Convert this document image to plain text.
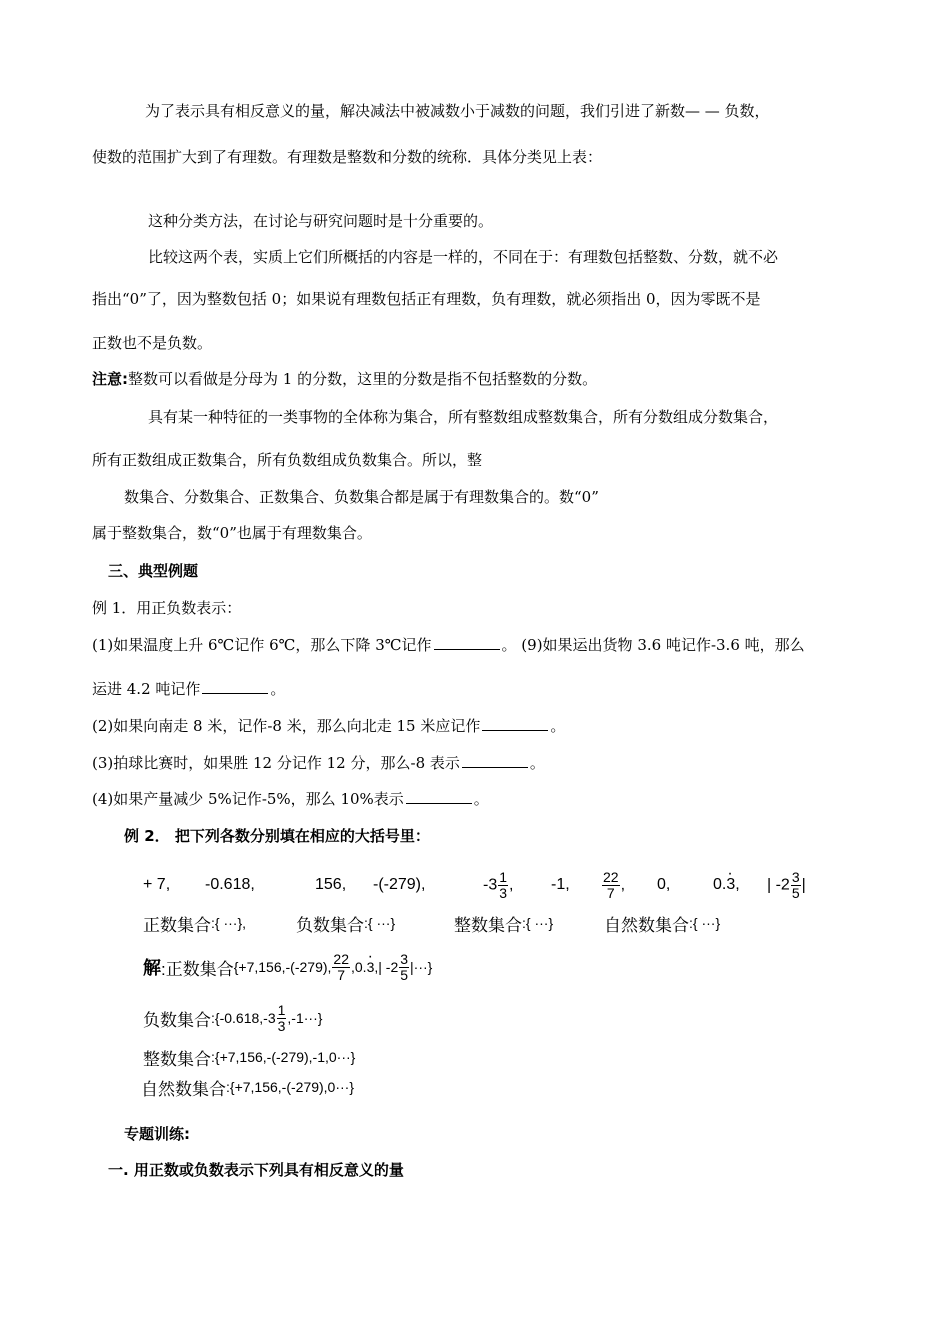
为了表示具有相反意义的量，解决减法中被减数小于减数的问题，我们引进了新数— — 负数，
使数的范围扩大到了有理数。有理数是整数和分数的统称．具体分类见上表：
这种分类方法，在讨论与研究问题时是十分重要的。
比较这两个表，实质上它们所概括的内容是一样的，不同在于：有理数包括整数、分数，就不必
指出“0”了，因为整数包括 0；如果说有理数包括正有理数，负有理数，就必须指出 0，因为零既不是
正数也不是负数。
注意:整数可以看做是分母为 1 的分数，这里的分数是指不包括整数的分数。
具有某一种特征的一类事物的全体称为集合，所有整数组成整数集合，所有分数组成分数集合，
所有正数组成正数集合，所有负数组成负数集合。所以，整
数集合、分数集合、正数集合、负数集合都是属于有理数集合的。数“0”
属于整数集合，数“0”也属于有理数集合。
三、典型例题
例 1．用正负数表示：
(1)如果温度上升 6℃记作 6℃，那么下降 3℃记作	。 (9)如果运出货物 3.6 吨记作-3.6 吨，那么
运进 4.2 吨记作	。
(2)如果向南走 8 米，记作-8 米，那么向北走 15 米应记作	。
(3)拍球比赛时，如果胜 12 分记作 12 分，那么-8 表示	。
(4)如果产量减少 5%记作-5%，那么 10%表示	。
例 2． 把下列各数分别填在相应的大括号里：
+ 7,	-0.618,	156,	-(-279),	$-3 \frac{1}{3}$ ,	-1,	$\frac{22}{7}$ ,	0,	0.· 3,	| $-2 \frac{3}{5}$ |
正数集合 :{ ···},	负数集合 :{ ···}	整数集合 :{ ···}	自然数集合 :{ ···}
解 :正数集合 {+7,156,-(-279), $\frac{22}{7} ,0$.
· 3 ,| $-2 \frac{3}{5}$ |···}
负数集合 :{-0.618,-3 $\frac{1}{3} ,-1\cdot\cdot\cdot$}
整数集合 :{+7,156,-(-279),-1,0···}
自然数集合 :{+7,156,-(-279),0···}
专题训练:
一. 用正数或负数表示下列具有相反意义的量
